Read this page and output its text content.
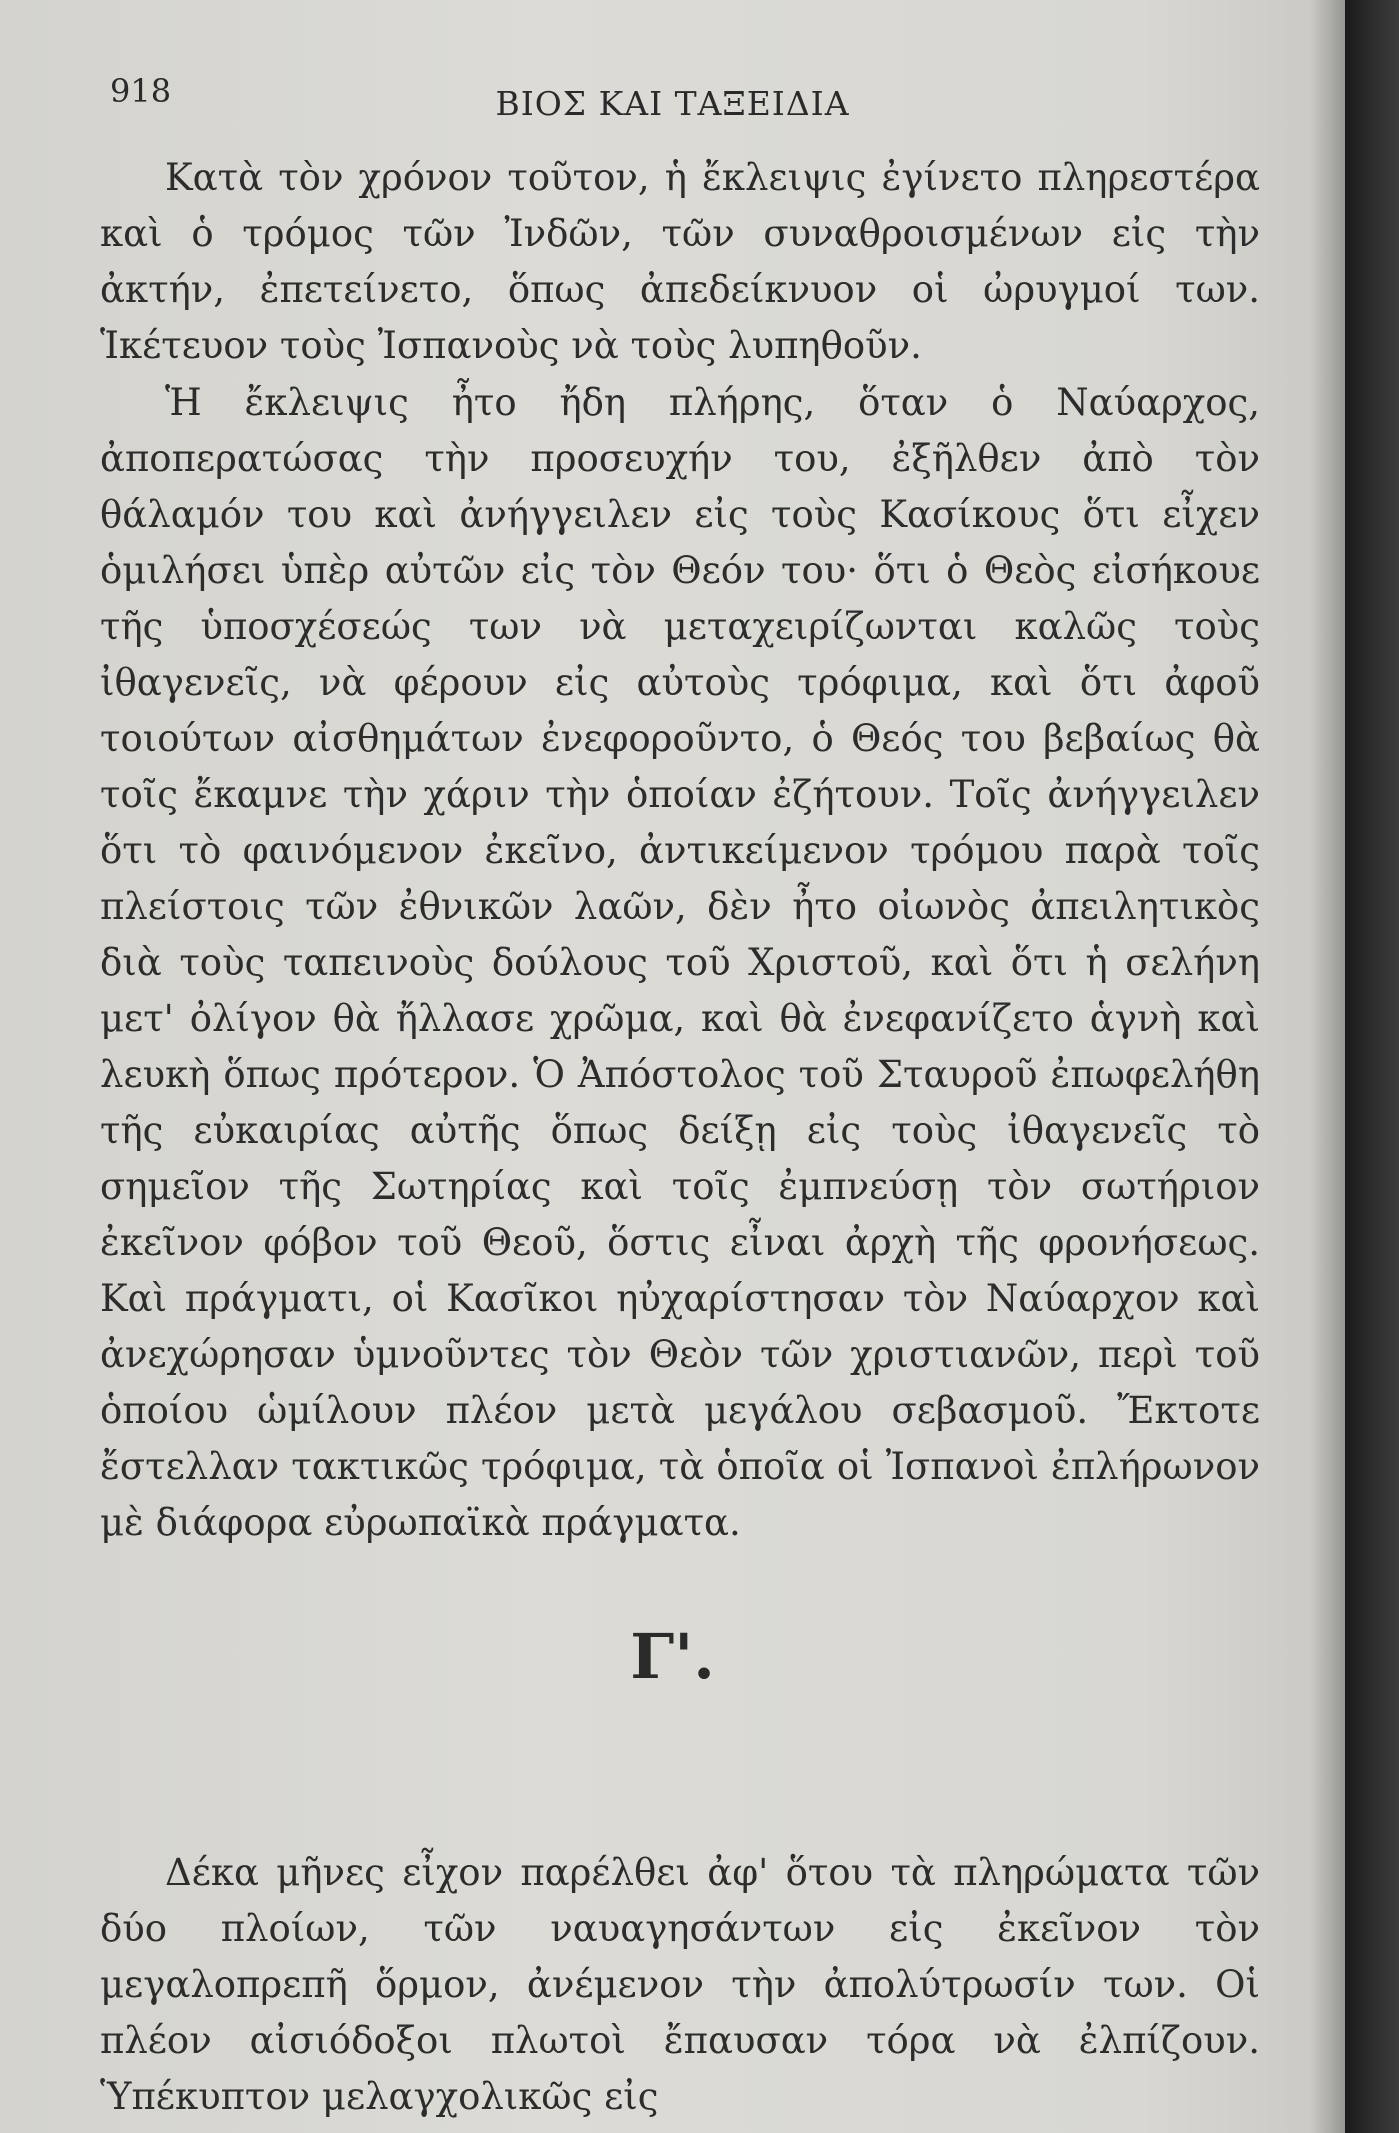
918	ΒΙΟΣ ΚΑΙ ΤΑΞΕΙΔΙΑ

Κατὰ τὸν χρόνον τοῦτον, ἡ ἔκλειψις ἐγίνετο πληρεστέρα καὶ ὁ τρόμος τῶν Ἰνδῶν, τῶν συναθροισμένων εἰς τὴν ἀκτήν, ἐπετείνετο, ὅπως ἀπεδείκνυον οἱ ὠρυγμοί των. Ἱκέτευον τοὺς Ἰσπανοὺς νὰ τοὺς λυπηθοῦν.

Ἡ ἔκλειψις ἦτο ἤδη πλήρης, ὅταν ὁ Ναύαρχος, ἀποπερατώσας τὴν προσευχήν του, ἐξῆλθεν ἀπὸ τὸν θάλαμόν του καὶ ἀνήγγειλεν εἰς τοὺς Κασίκους ὅτι εἶχεν ὁμιλήσει ὑπὲρ αὐτῶν εἰς τὸν Θεόν του· ὅτι ὁ Θεὸς εἰσήκουε τῆς ὑποσχέσεώς των νὰ μεταχειρίζωνται καλῶς τοὺς ἰθαγενεῖς, νὰ φέρουν εἰς αὐτοὺς τρόφιμα, καὶ ὅτι ἀφοῦ τοιούτων αἰσθημάτων ἐνεφοροῦντο, ὁ Θεός του βεβαίως θὰ τοῖς ἔκαμνε τὴν χάριν τὴν ὁποίαν ἐζήτουν. Τοῖς ἀνήγγειλεν ὅτι τὸ φαινόμενον ἐκεῖνο, ἀντικείμενον τρόμου παρὰ τοῖς πλείστοις τῶν ἐθνικῶν λαῶν, δὲν ἦτο οἰωνὸς ἀπειλητικὸς διὰ τοὺς ταπεινοὺς δούλους τοῦ Χριστοῦ, καὶ ὅτι ἡ σελήνη μετ' ὀλίγον θὰ ἤλλασε χρῶμα, καὶ θὰ ἐνεφανίζετο ἁγνὴ καὶ λευκὴ ὅπως πρότερον. Ὁ Ἀπόστολος τοῦ Σταυροῦ ἐπωφελήθη τῆς εὐκαιρίας αὐτῆς ὅπως δείξῃ εἰς τοὺς ἰθαγενεῖς τὸ σημεῖον τῆς Σωτηρίας καὶ τοῖς ἐμπνεύσῃ τὸν σωτήριον ἐκεῖνον φόβον τοῦ Θεοῦ, ὅστις εἶναι ἀρχὴ τῆς φρονήσεως. Καὶ πράγματι, οἱ Κασῖκοι ηὐχαρίστησαν τὸν Ναύαρχον καὶ ἀνεχώρησαν ὑμνοῦντες τὸν Θεὸν τῶν χριστιανῶν, περὶ τοῦ ὁποίου ὡμίλουν πλέον μετὰ μεγάλου σεβασμοῦ. Ἔκτοτε ἔστελλαν τακτικῶς τρόφιμα, τὰ ὁποῖα οἱ Ἰσπανοὶ ἐπλήρωνον μὲ διάφορα εὐρωπαϊκὰ πράγματα.

Γ'.

Δέκα μῆνες εἶχον παρέλθει ἀφ' ὅτου τὰ πληρώματα τῶν δύο πλοίων, τῶν ναυαγησάντων εἰς ἐκεῖνον τὸν μεγαλοπρεπῆ ὅρμον, ἀνέμενον τὴν ἀπολύτρωσίν των. Οἱ πλέον αἰσιόδοξοι πλωτοὶ ἔπαυσαν τόρα νὰ ἐλπίζουν. Ὑπέκυπτον μελαγχολικῶς εἰς
